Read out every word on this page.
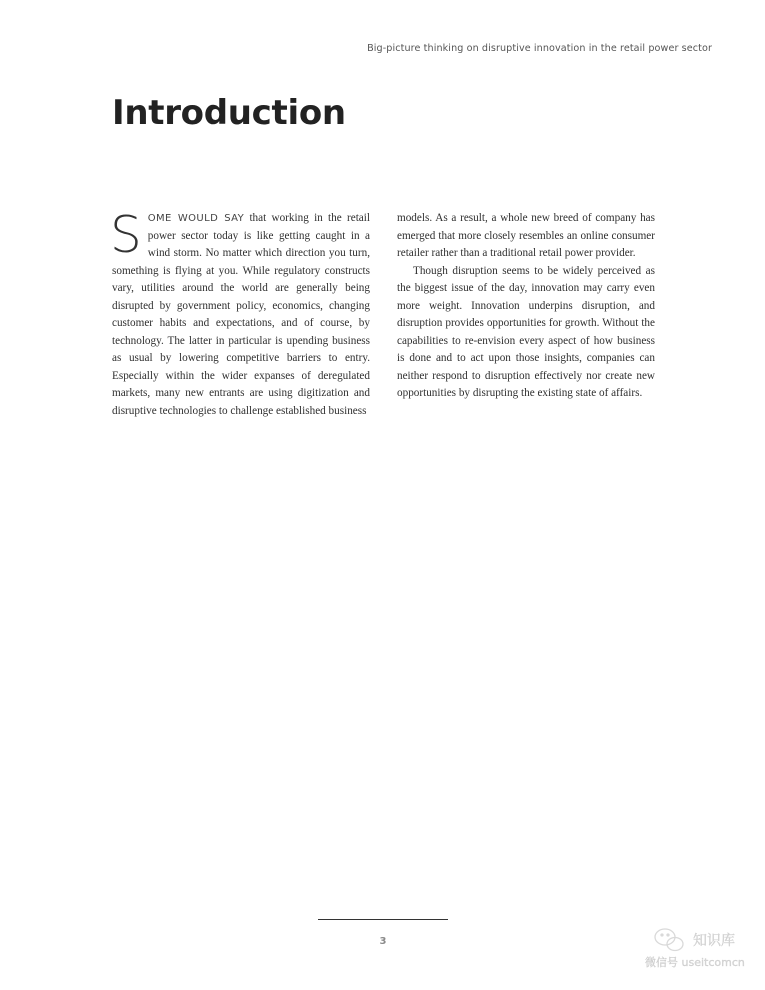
Big-picture thinking on disruptive innovation in the retail power sector
Introduction

SOME WOULD SAY that working in the retail power sector today is like getting caught in a wind storm. No matter which direction you turn, something is flying at you. While regulatory constructs vary, utilities around the world are generally being disrupted by government policy, economics, changing customer habits and expectations, and of course, by technology. The latter in particular is upending business as usual by lowering competitive barriers to entry. Especially within the wider expanses of deregulated markets, many new entrants are using digitization and disruptive technologies to challenge established business

models. As a result, a whole new breed of company has emerged that more closely resembles an online consumer retailer rather than a traditional retail power provider.

Though disruption seems to be widely perceived as the biggest issue of the day, innovation may carry even more weight. Innovation underpins disruption, and disruption provides opportunities for growth. Without the capabilities to re-envision every aspect of how business is done and to act upon those insights, companies can neither respond to disruption effectively nor create new opportunities by disrupting the existing state of affairs.

3	知识库
微信号 useitcomcn
